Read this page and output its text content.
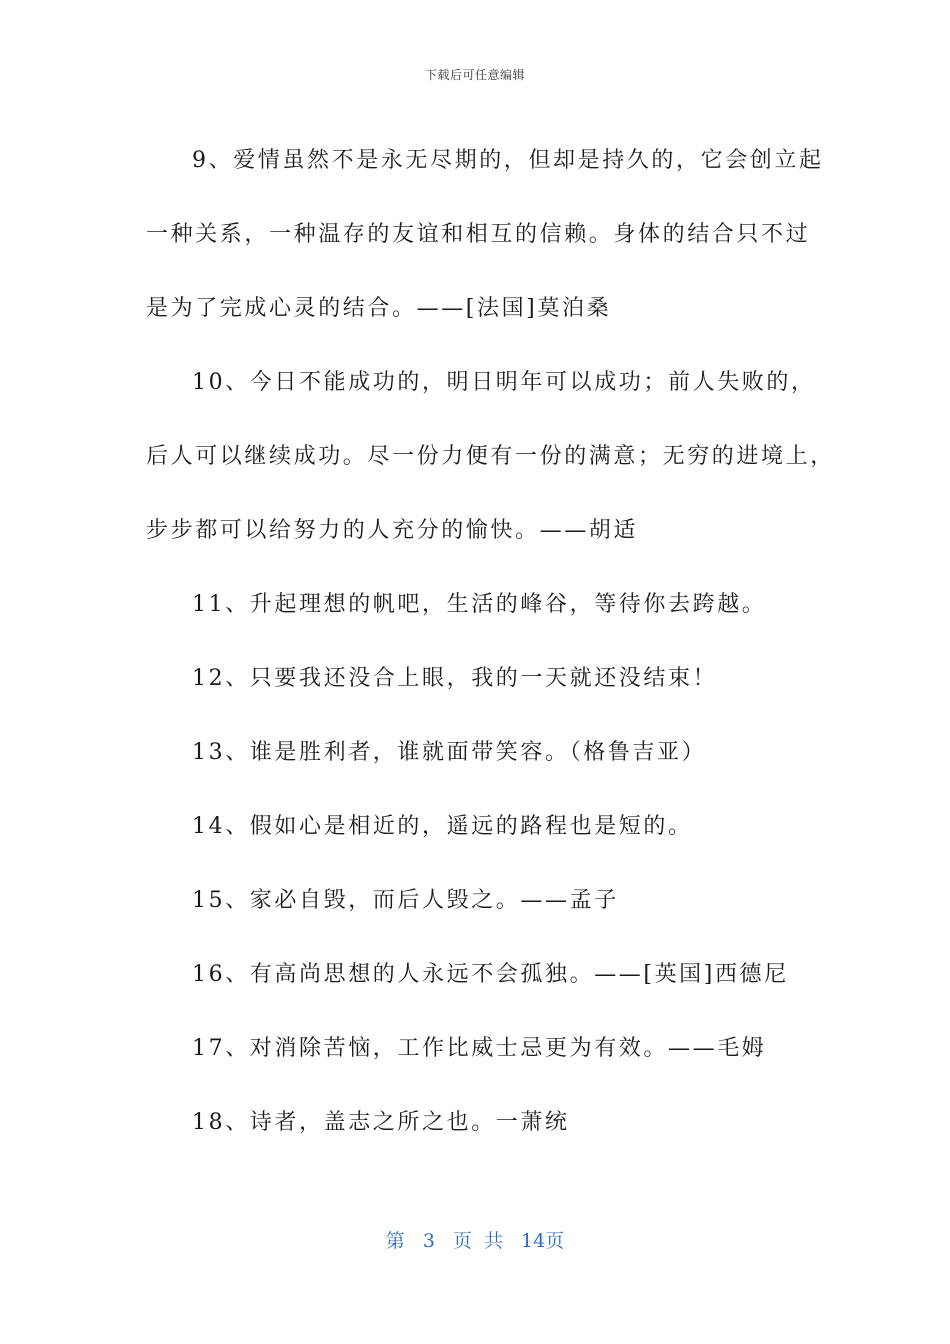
下载后可任意编辑

9、爱情虽然不是永无尽期的，但却是持久的，它会创立起
一种关系，一种温存的友谊和相互的信赖。身体的结合只不过
是为了完成心灵的结合。——[法国]莫泊桑

10、今日不能成功的，明日明年可以成功；前人失败的，
后人可以继续成功。尽一份力便有一份的满意；无穷的进境上，
步步都可以给努力的人充分的愉快。——胡适

11、升起理想的帆吧，生活的峰谷，等待你去跨越。

12、只要我还没合上眼，我的一天就还没结束！

13、谁是胜利者，谁就面带笑容。（格鲁吉亚）

14、假如心是相近的，遥远的路程也是短的。

15、家必自毁，而后人毁之。——孟子

16、有高尚思想的人永远不会孤独。——[英国]西德尼

17、对消除苦恼，工作比威士忌更为有效。——毛姆

18、诗者，盖志之所之也。一萧统

第 3 页 共 14页
